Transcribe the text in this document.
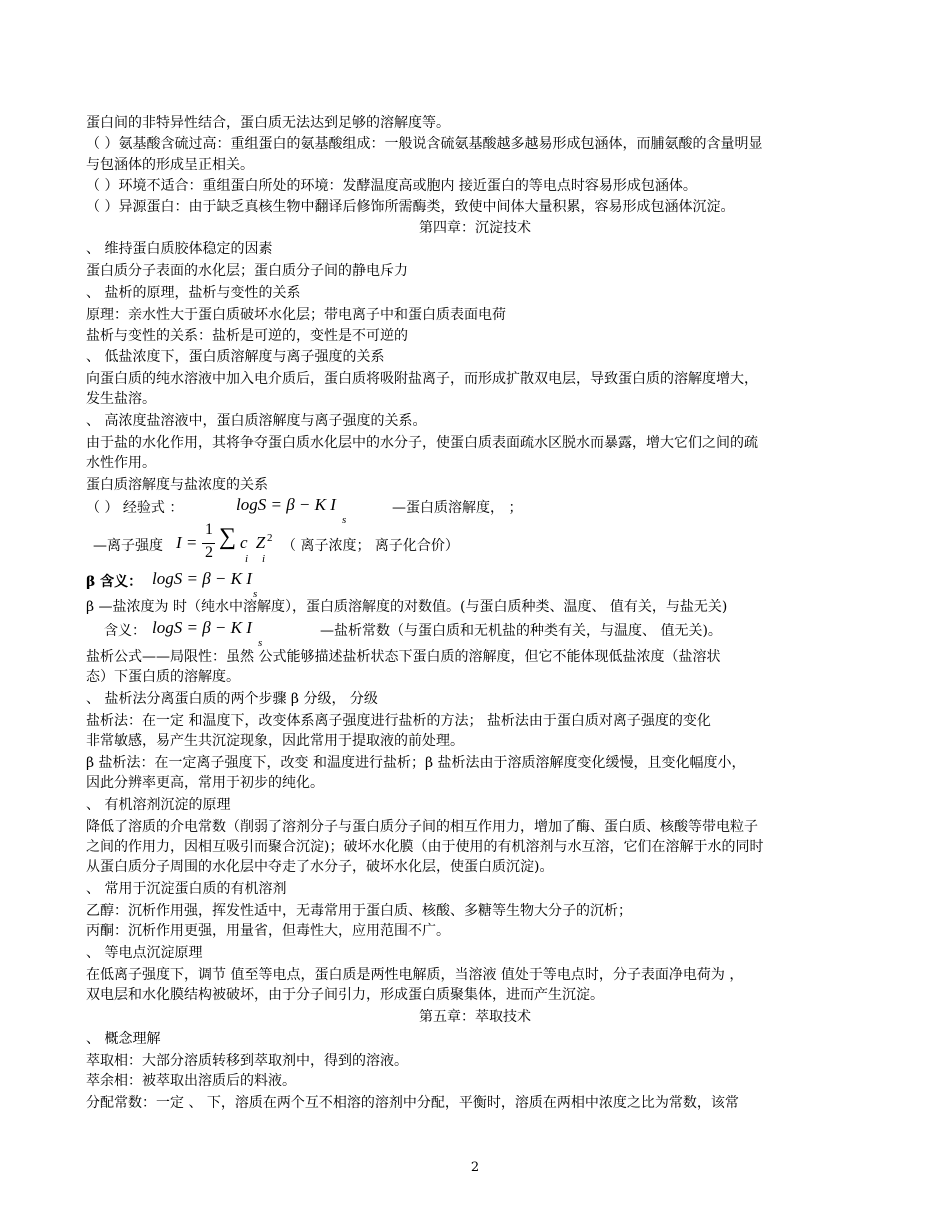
蛋白间的非特异性结合，蛋白质无法达到足够的溶解度等。
（ ）氨基酸含硫过高：重组蛋白的氨基酸组成：一般说含硫氨基酸越多越易形成包涵体，而脯氨酸的含量明显
与包涵体的形成呈正相关。
（ ）环境不适合：重组蛋白所处的环境：发酵温度高或胞内 接近蛋白的等电点时容易形成包涵体。
（ ）异源蛋白：由于缺乏真核生物中翻译后修饰所需酶类，致使中间体大量积累，容易形成包涵体沉淀。
第四章：沉淀技术
、 维持蛋白质胶体稳定的因素
蛋白质分子表面的水化层；蛋白质分子间的静电斥力
、 盐析的原理，盐析与变性的关系
原理：亲水性大于蛋白质破坏水化层；带电离子中和蛋白质表面电荷
盐析与变性的关系：盐析是可逆的，变性是不可逆的
、 低盐浓度下，蛋白质溶解度与离子强度的关系
向蛋白质的纯水溶液中加入电介质后，蛋白质将吸附盐离子，而形成扩散双电层，导致蛋白质的溶解度增大，
发生盐溶。
、 高浓度盐溶液中，蛋白质溶解度与离子强度的关系。
由于盐的水化作用，其将争夺蛋白质水化层中的水分子，使蛋白质表面疏水区脱水而暴露，增大它们之间的疏
水性作用。
蛋白质溶解度与盐浓度的关系
（ ） 经验式 ：	logS = β − K I
s
—蛋白质溶解度， ；
—离子强度 I =
1
2
∑ c Z
i i
2 （ 离子浓度； 离子化合价）
β 含义： logS = β − K I
s
β —盐浓度为 时（纯水中溶解度），蛋白质溶解度的对数值。(与蛋白质种类、温度、 值有关，与盐无关)
含义： logS = β − K I
s
—盐析常数（与蛋白质和无机盐的种类有关，与温度、 值无关)。
盐析公式——局限性：虽然 公式能够描述盐析状态下蛋白质的溶解度，但它不能体现低盐浓度（盐溶状
态）下蛋白质的溶解度。
、 盐析法分离蛋白质的两个步骤 β 分级， 分级
盐析法：在一定 和温度下，改变体系离子强度进行盐析的方法； 盐析法由于蛋白质对离子强度的变化
非常敏感，易产生共沉淀现象，因此常用于提取液的前处理。
β 盐析法：在一定离子强度下，改变 和温度进行盐析；β 盐析法由于溶质溶解度变化缓慢，且变化幅度小，
因此分辨率更高，常用于初步的纯化。
、 有机溶剂沉淀的原理
降低了溶质的介电常数（削弱了溶剂分子与蛋白质分子间的相互作用力，增加了酶、蛋白质、核酸等带电粒子
之间的作用力，因相互吸引而聚合沉淀)；破坏水化膜（由于使用的有机溶剂与水互溶，它们在溶解于水的同时
从蛋白质分子周围的水化层中夺走了水分子，破坏水化层，使蛋白质沉淀)。
、 常用于沉淀蛋白质的有机溶剂
乙醇：沉析作用强，挥发性适中，无毒常用于蛋白质、核酸、多糖等生物大分子的沉析；
丙酮：沉析作用更强，用量省，但毒性大，应用范围不广。
、 等电点沉淀原理
在低离子强度下，调节 值至等电点，蛋白质是两性电解质，当溶液 值处于等电点时，分子表面净电荷为 ，
双电层和水化膜结构被破坏，由于分子间引力，形成蛋白质聚集体，进而产生沉淀。
第五章：萃取技术
、 概念理解
萃取相：大部分溶质转移到萃取剂中，得到的溶液。
萃余相：被萃取出溶质后的料液。
分配常数：一定 、 下，溶质在两个互不相溶的溶剂中分配，平衡时，溶质在两相中浓度之比为常数，该常
2
